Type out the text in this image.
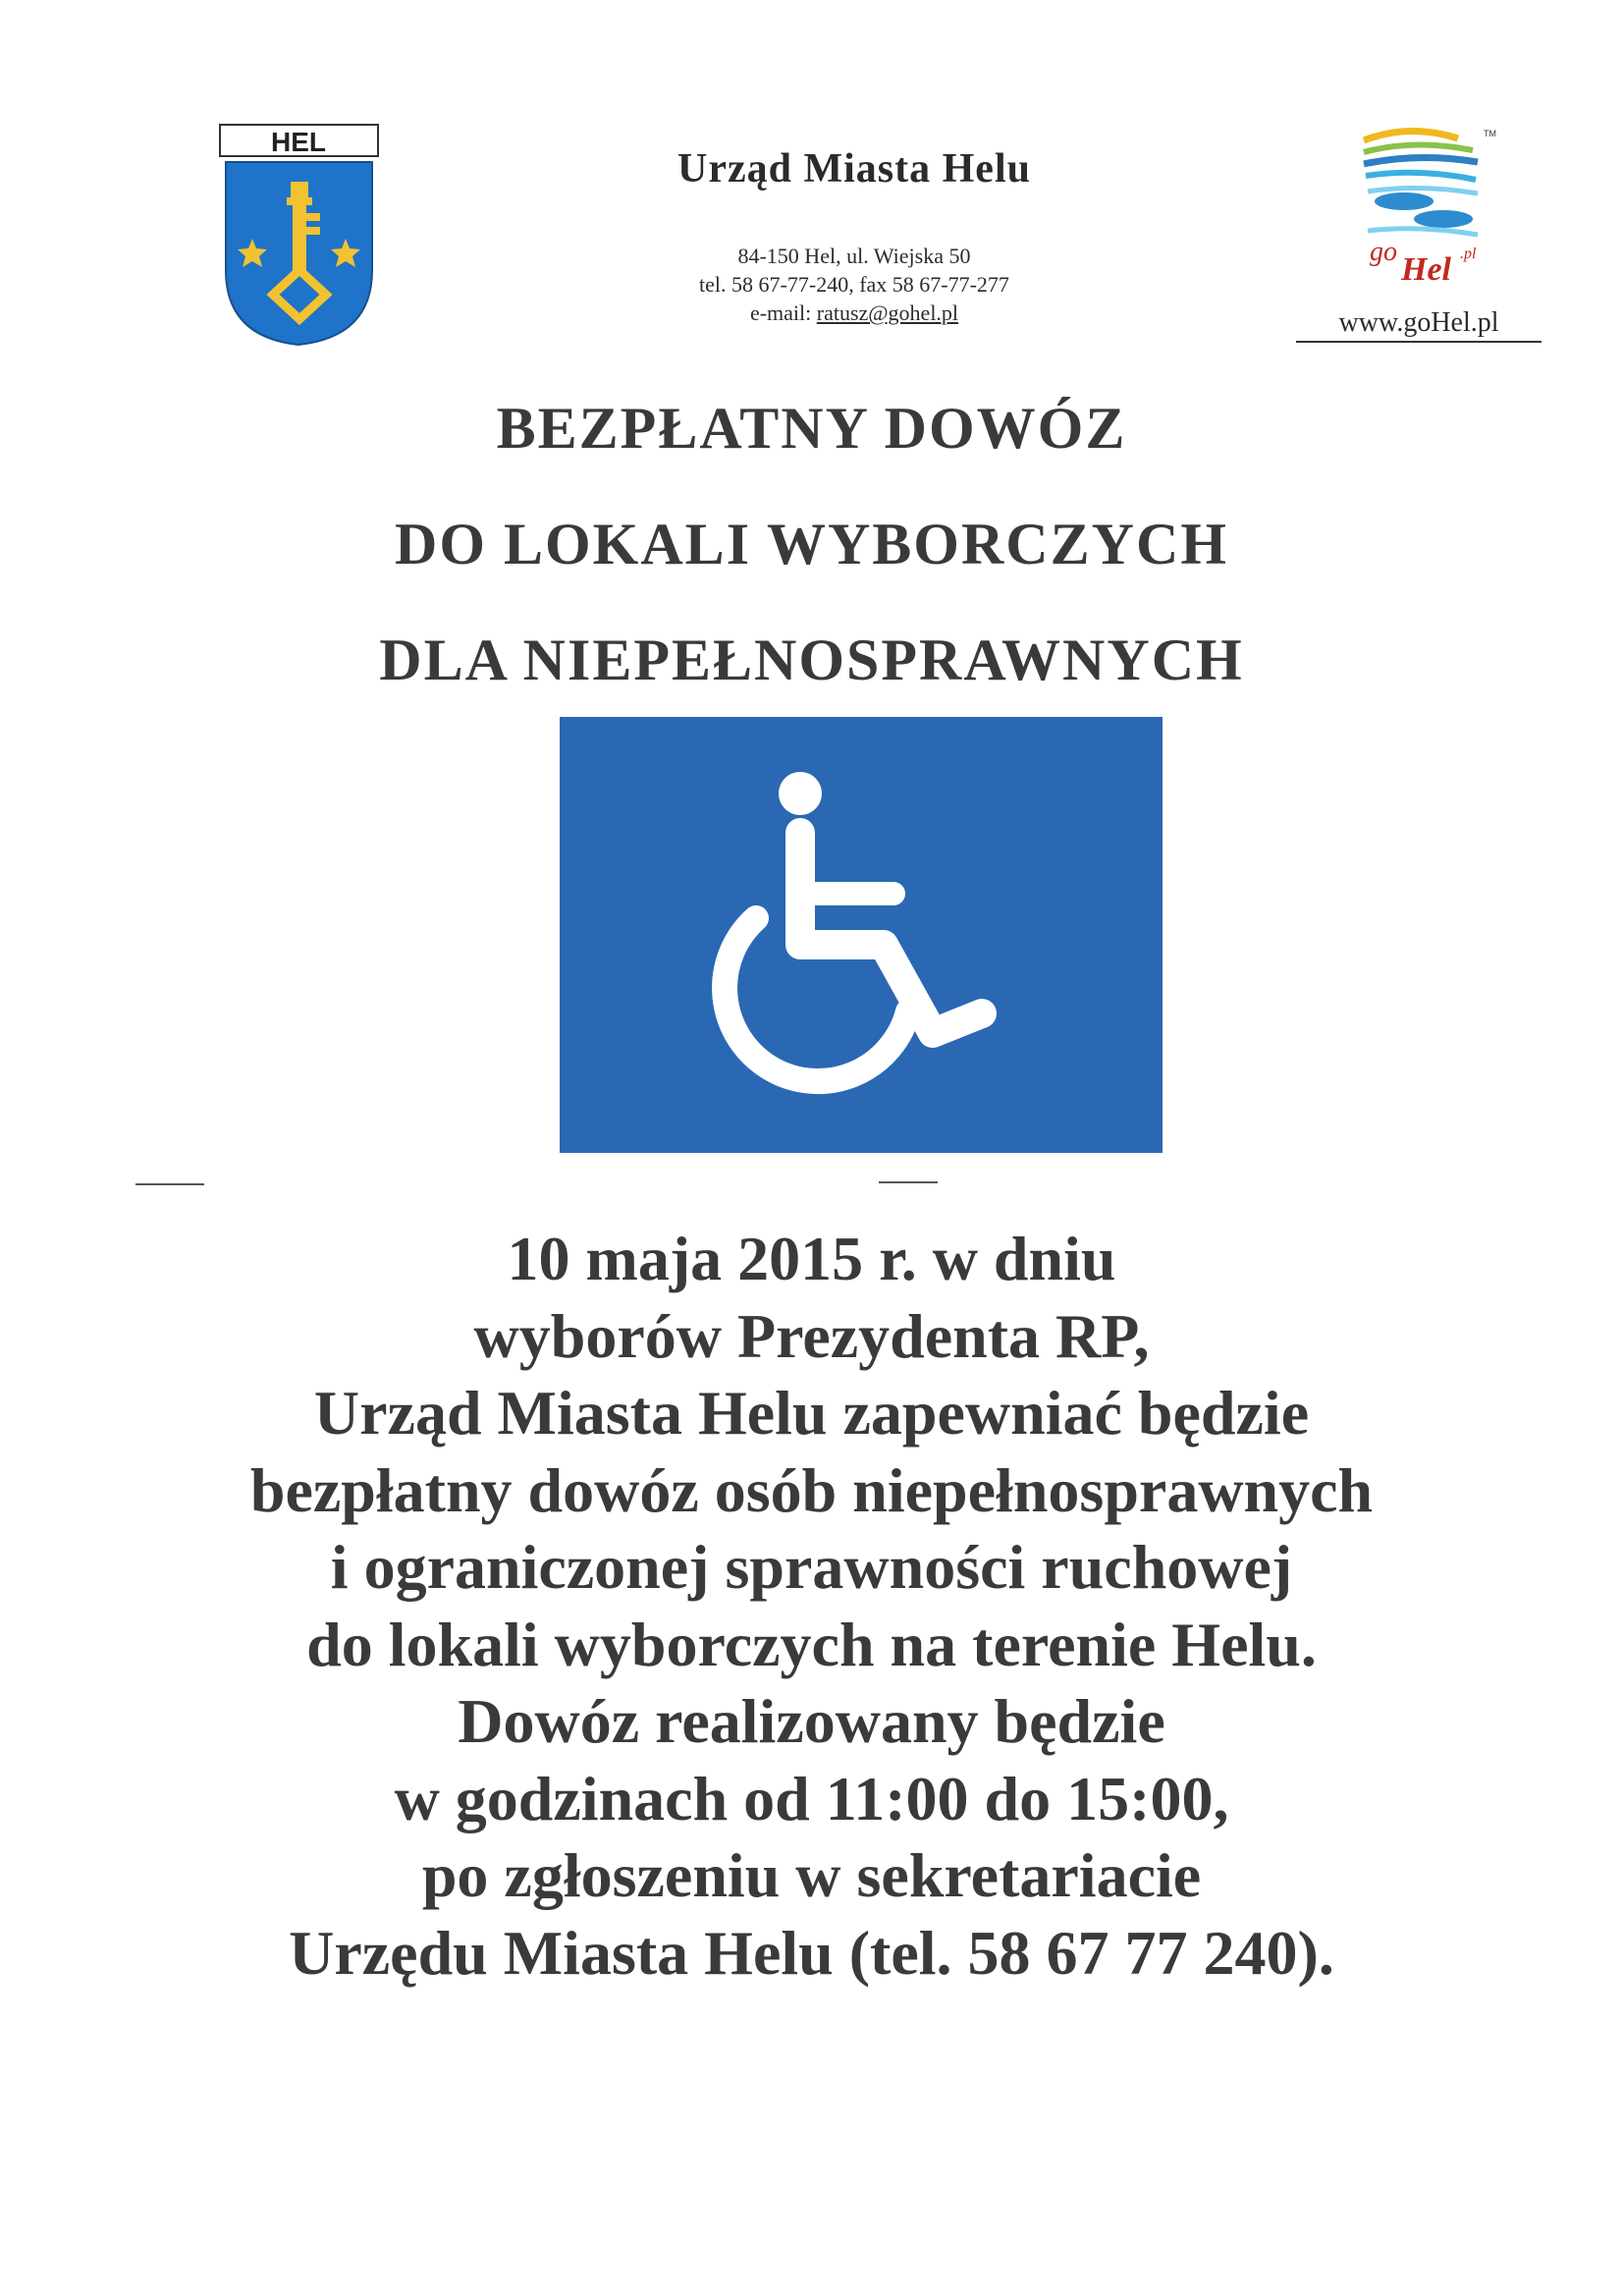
HEL

Urząd Miasta Helu

84-150 Hel, ul. Wiejska 50

tel. 58 67-77-240, fax 58 67-77-277

e-mail: ratusz@gohel.pl

TM
go Hel .pl
www.goHel.pl
BEZPŁATNY DOWÓZ
DO LOKALI WYBORCZYCH
DLA NIEPEŁNOSPRAWNYCH
10 maja 2015 r. w dniu
wyborów Prezydenta RP,
Urząd Miasta Helu zapewniać będzie
bezpłatny dowóz osób niepełnosprawnych
i ograniczonej sprawności ruchowej
do lokali wyborczych na terenie Helu.
Dowóz realizowany będzie
w godzinach od 11:00 do 15:00,
po zgłoszeniu w sekretariacie
Urzędu Miasta Helu (tel. 58 67 77 240).
